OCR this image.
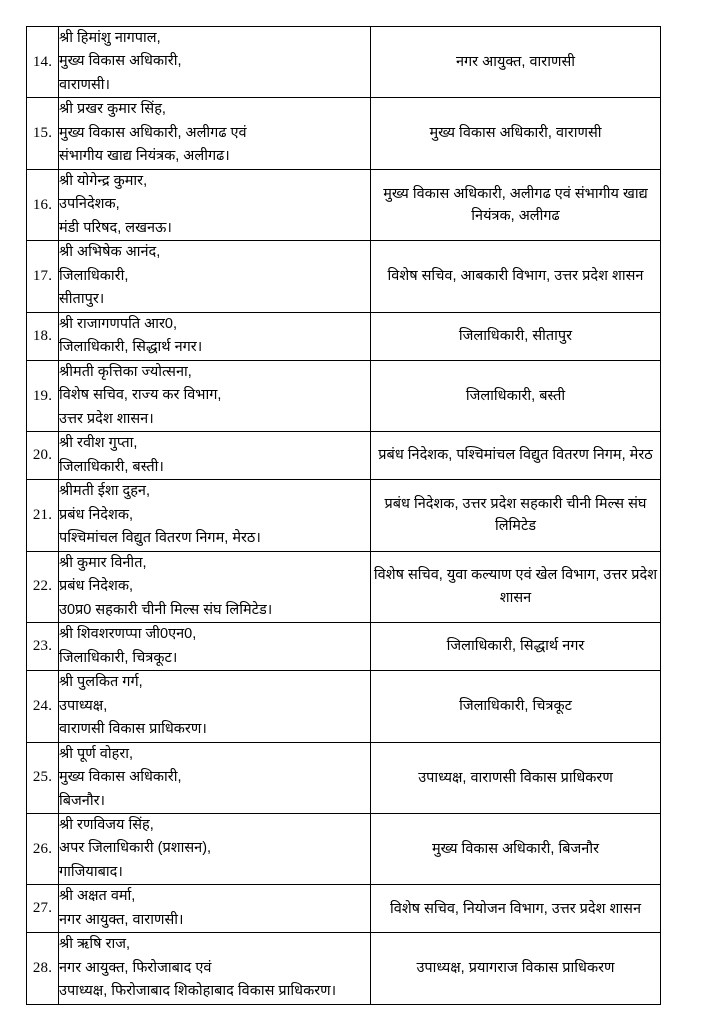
14.	श्री हिमांशु नागपाल,
मुख्य विकास अधिकारी,
वाराणसी।	नगर आयुक्त, वाराणसी

15.	श्री प्रखर कुमार सिंह,
मुख्य विकास अधिकारी, अलीगढ एवं
संभागीय खाद्य नियंत्रक, अलीगढ।	मुख्य विकास अधिकारी, वाराणसी

16.	श्री योगेन्द्र कुमार,
उपनिदेशक,
मंडी परिषद, लखनऊ।	मुख्य विकास अधिकारी, अलीगढ एवं संभागीय खाद्य नियंत्रक, अलीगढ

17.	श्री अभिषेक आनंद,
जिलाधिकारी,
सीतापुर।	विशेष सचिव, आबकारी विभाग, उत्तर प्रदेश शासन

18.	श्री राजागणपति आर0,
जिलाधिकारी, सिद्धार्थ नगर।	जिलाधिकारी, सीतापुर

19.	श्रीमती कृत्तिका ज्योत्सना,
विशेष सचिव, राज्य कर विभाग,
उत्तर प्रदेश शासन।	जिलाधिकारी, बस्ती

20.	श्री रवीश गुप्ता,
जिलाधिकारी, बस्ती।	प्रबंध निदेशक, पश्चिमांचल विद्युत वितरण निगम, मेरठ

21.	श्रीमती ईशा दुहन,
प्रबंध निदेशक,
पश्चिमांचल विद्युत वितरण निगम, मेरठ।	प्रबंध निदेशक, उत्तर प्रदेश सहकारी चीनी मिल्स संघ लिमिटेड

22.	श्री कुमार विनीत,
प्रबंध निदेशक,
उ0प्र0 सहकारी चीनी मिल्स संघ लिमिटेड।	विशेष सचिव, युवा कल्याण एवं खेल विभाग, उत्तर प्रदेश शासन

23.	श्री शिवशरणप्पा जी0एन0,
जिलाधिकारी, चित्रकूट।	जिलाधिकारी, सिद्धार्थ नगर

24.	श्री पुलकित गर्ग,
उपाध्यक्ष,
वाराणसी विकास प्राधिकरण।	जिलाधिकारी, चित्रकूट

25.	श्री पूर्ण वोहरा,
मुख्य विकास अधिकारी,
बिजनौर।	उपाध्यक्ष, वाराणसी विकास प्राधिकरण

26.	श्री रणविजय सिंह,
अपर जिलाधिकारी (प्रशासन),
गाजियाबाद।	मुख्य विकास अधिकारी, बिजनौर

27.	श्री अक्षत वर्मा,
नगर आयुक्त, वाराणसी।	विशेष सचिव, नियोजन विभाग, उत्तर प्रदेश शासन

28.	श्री ऋषि राज,
नगर आयुक्त, फिरोजाबाद एवं
उपाध्यक्ष, फिरोजाबाद शिकोहाबाद विकास प्राधिकरण।	उपाध्यक्ष, प्रयागराज विकास प्राधिकरण
